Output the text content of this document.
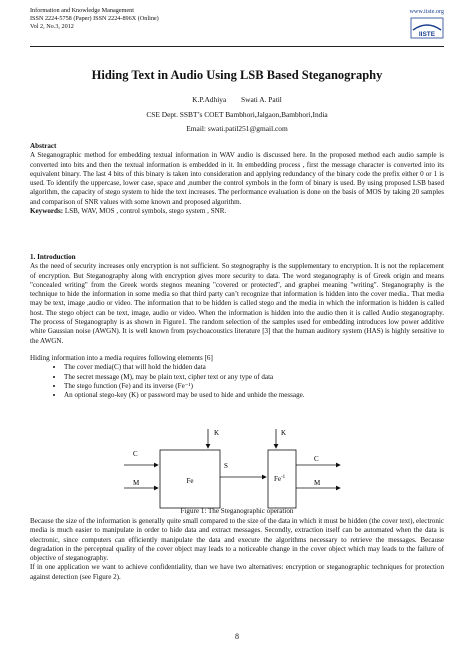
Information and Knowledge Management
ISSN 2224-5758 (Paper) ISSN 2224-896X (Online)
Vol 2, No.3, 2012
www.iiste.org
IISTE
Hiding Text in Audio Using LSB Based Steganography
K.P.Adhiya        Swati A. Patil
CSE Dept. SSBT’s COET Bambhori,Jalgaon,Bambhori,India
Email: swati.patil251@gmail.com
Abstract
A Steganographic method for embedding textual information in WAV audio is discussed here. In the proposed method each audio sample is converted into bits and then the textual information is embedded in it. In embedding process , first the message character is converted into its equivalent binary. The last 4 bits of this binary is taken into consideration and applying redundancy of the binary code the prefix either 0 or 1 is used. To identify the uppercase, lower case, space and ,number the control symbols in the form of binary is used. By using proposed LSB based algorithm, the capacity of stego system to hide the text increases. The performance evaluation is done on the basis of MOS by taking 20 samples and comparison of SNR values with some known and proposed algorithm.
Keywords: LSB, WAV, MOS , control symbols, stego system , SNR.
1. Introduction
As the need of security increases only encryption is not sufficient. So stegnography is the supplementary to encryption. It is not the replacement of encryption. But Steganography along with encryption gives more security to data. The word steganography is of Greek origin and means "concealed writing" from the Greek words stegnos meaning "covered or protected", and graphei meaning "writing". Steganography is the technique to hide the information in some media so that third party can’t recognize that information is hidden into the cover media.. That media may be text, image ,audio or video. The information that to be hidden is called stego and the media in which the information is hidden is called host. The stego object can be text, image, audio or video. When the information is hidden into the audio then it is called Audio steganography. The process of Steganography is as shown in Figure1. The random selection of the samples used for embedding introduces low power additive white Gaussian noise (AWGN). It is well known from psychoacoustics literature [3] that the human auditory system (HAS) is highly sensitive to the AWGN.
Hiding information into a media requires following elements [6]
• The cover media(C) that will hold the hidden data
• The secret message (M), may be plain text, cipher text or any type of data
• The stego function (Fe) and its inverse (Fe⁻¹)
• An optional stego-key (K) or password may be used to hide and unhide the message.
K
C
M	Fe
S
K
$Fe^{-1}$
C
M
Figure 1: The Steganographic operation
Because the size of the information is generally quite small compared to the size of the data in which it must be hidden (the cover text), electronic media is much easier to manipulate in order to hide data and extract messages. Secondly, extraction itself can be automated when the data is electronic, since computers can efficiently manipulate the data and execute the algorithms necessary to retrieve the messages. Because degradation in the perceptual quality of the cover object may leads to a noticeable change in the cover object which may leads to the failure of objective of steganography.
If in one application we want to achieve confidentiality, than we have two alternatives: encryption or steganographic techniques for protection against detection (see Figure 2).
8
